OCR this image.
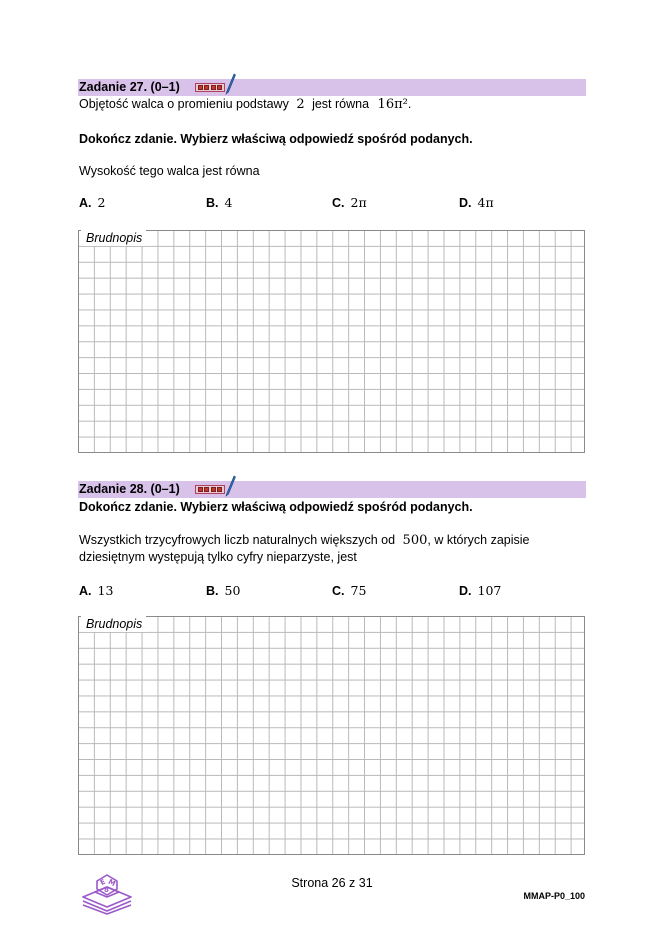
Zadanie 27. (0–1)
Objętość walca o promieniu podstawy 2 jest równa 16π².
Dokończ zdanie. Wybierz właściwą odpowiedź spośród podanych.
Wysokość tego walca jest równa
A. 2	B. 4	C. 2π	D. 4π
Brudnopis
Zadanie 28. (0–1)
Dokończ zdanie. Wybierz właściwą odpowiedź spośród podanych.
Wszystkich trzycyfrowych liczb naturalnych większych od 500, w których zapisie
dziesiętnym występują tylko cyfry nieparzyste, jest
A. 13	B. 50	C. 75	D. 107
Brudnopis
E M
8	Strona 26 z 31
MMAP-P0_100
